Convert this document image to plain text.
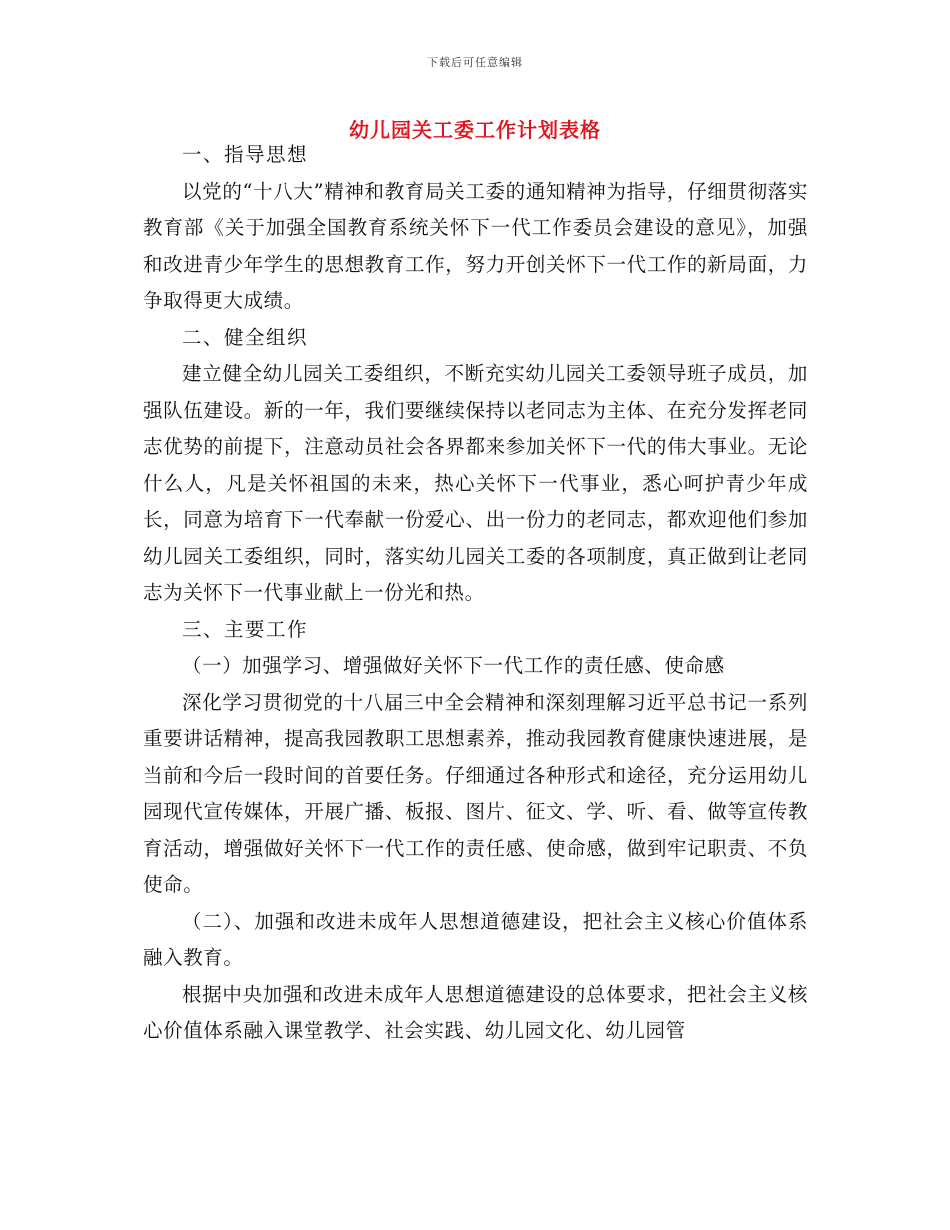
下载后可任意编辑
幼儿园关工委工作计划表格

一、指导思想

以党的“十八大”精神和教育局关工委的通知精神为指导，仔细贯彻落实教育部《关于加强全国教育系统关怀下一代工作委员会建设的意见》，加强和改进青少年学生的思想教育工作，努力开创关怀下一代工作的新局面，力争取得更大成绩。

二、健全组织

建立健全幼儿园关工委组织，不断充实幼儿园关工委领导班子成员，加强队伍建设。新的一年，我们要继续保持以老同志为主体、在充分发挥老同志优势的前提下，注意动员社会各界都来参加关怀下一代的伟大事业。无论什么人，凡是关怀祖国的未来，热心关怀下一代事业，悉心呵护青少年成长，同意为培育下一代奉献一份爱心、出一份力的老同志，都欢迎他们参加幼儿园关工委组织，同时，落实幼儿园关工委的各项制度，真正做到让老同志为关怀下一代事业献上一份光和热。

三、主要工作

（一）加强学习、增强做好关怀下一代工作的责任感、使命感

深化学习贯彻党的十八届三中全会精神和深刻理解习近平总书记一系列重要讲话精神，提高我园教职工思想素养，推动我园教育健康快速进展，是当前和今后一段时间的首要任务。仔细通过各种形式和途径，充分运用幼儿园现代宣传媒体，开展广播、板报、图片、征文、学、听、看、做等宣传教育活动，增强做好关怀下一代工作的责任感、使命感，做到牢记职责、不负使命。

（二）、加强和改进未成年人思想道德建设，把社会主义核心价值体系融入教育。

根据中央加强和改进未成年人思想道德建设的总体要求，把社会主义核心价值体系融入课堂教学、社会实践、幼儿园文化、幼儿园管
